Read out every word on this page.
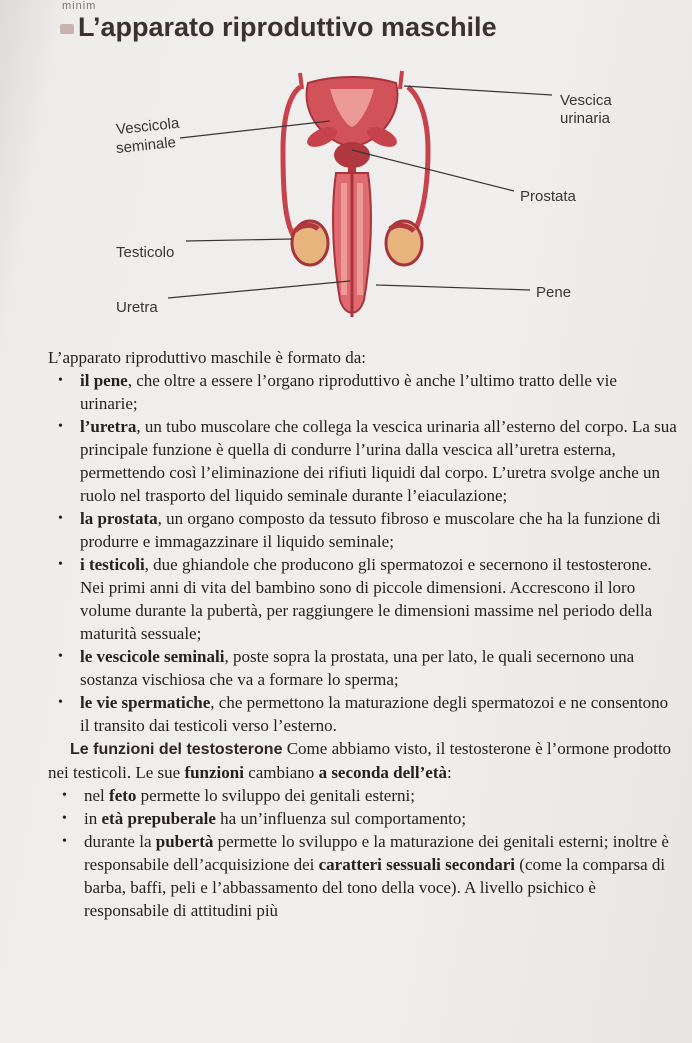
minim
L’apparato riproduttivo maschile
Vescica
urinaria
Vescicola
seminale
Prostata
Testicolo
Pene
Uretra

L’apparato riproduttivo maschile è formato da:

• il pene, che oltre a essere l’organo riproduttivo è anche l’ultimo tratto delle vie urinarie;
• l’uretra, un tubo muscolare che collega la vescica urinaria all’esterno del corpo. La sua principale funzione è quella di condurre l’urina dalla vescica all’uretra esterna, permettendo così l’eliminazione dei rifiuti liquidi dal corpo. L’uretra svolge anche un ruolo nel trasporto del liquido seminale durante l’eiaculazione;
• la prostata, un organo composto da tessuto fibroso e muscolare che ha la funzione di produrre e immagazzinare il liquido seminale;
• i testicoli, due ghiandole che producono gli spermatozoi e secernono il testosterone. Nei primi anni di vita del bambino sono di piccole dimensioni. Accrescono il loro volume durante la pubertà, per raggiungere le dimensioni massime nel periodo della maturità sessuale;
• le vescicole seminali, poste sopra la prostata, una per lato, le quali secernono una sostanza vischiosa che va a formare lo sperma;
• le vie spermatiche, che permettono la maturazione degli spermatozoi e ne consentono il transito dai testicoli verso l’esterno.

Le funzioni del testosterone Come abbiamo visto, il testosterone è l’ormone prodotto nei testicoli. Le sue funzioni cambiano a seconda dell’età:

• nel feto permette lo sviluppo dei genitali esterni;
• in età prepuberale ha un’influenza sul comportamento;
• durante la pubertà permette lo sviluppo e la maturazione dei genitali esterni; inoltre è responsabile dell’acquisizione dei caratteri sessuali secondari (come la comparsa di barba, baffi, peli e l’abbassamento del tono della voce). A livello psichico è responsabile di attitudini più
